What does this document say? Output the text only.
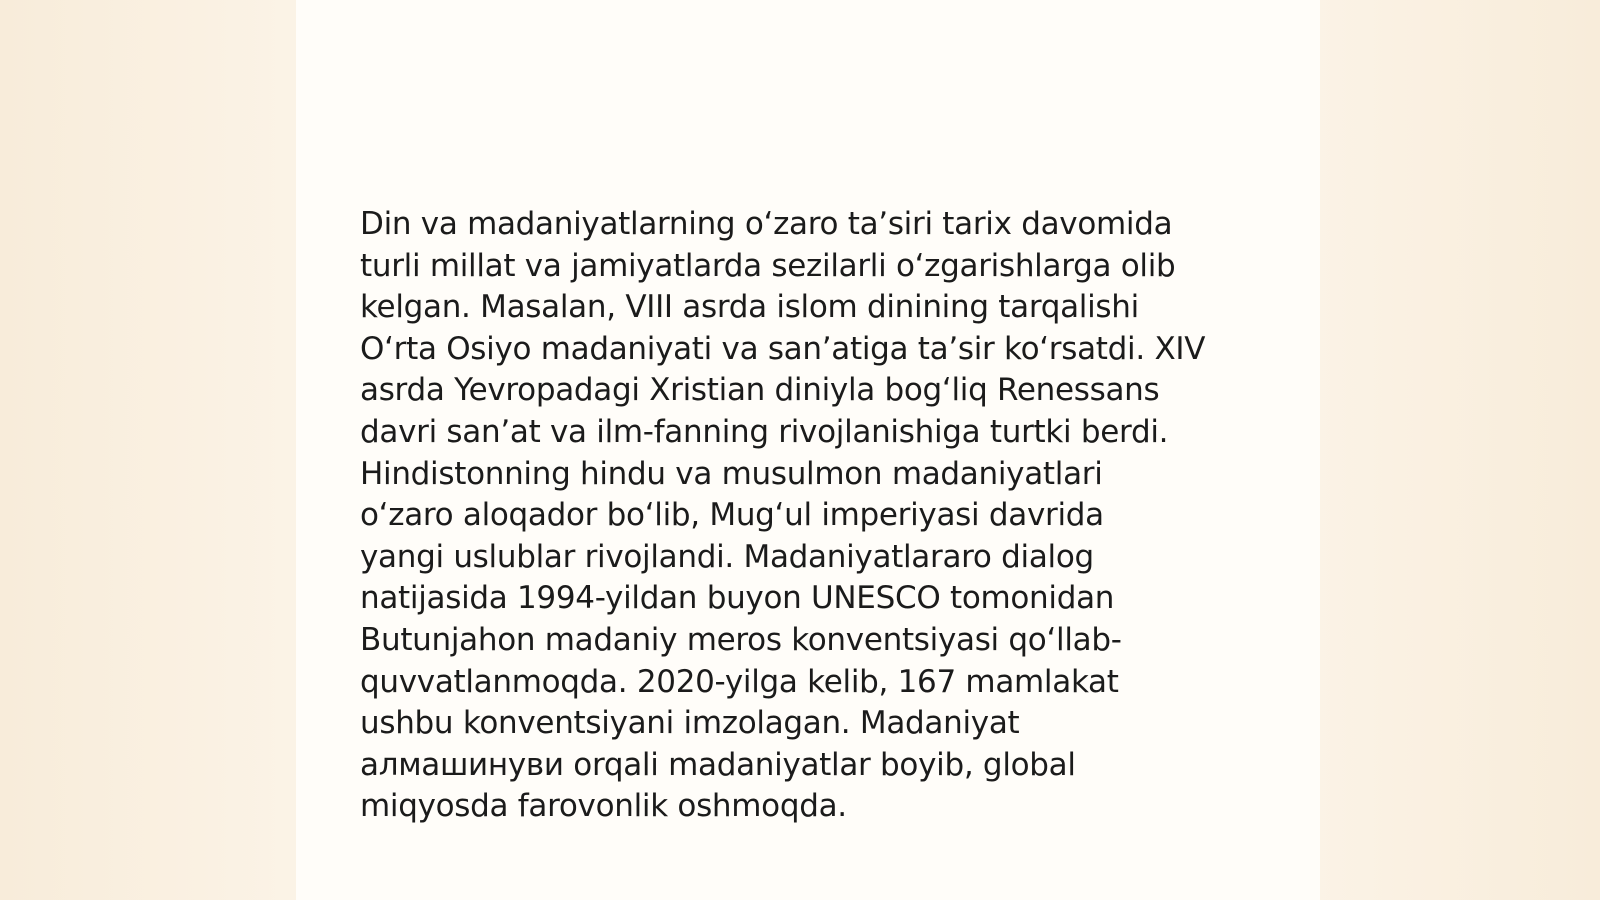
Din va madaniyatlarning oʻzaro taʼsiri tarix davomida
turli millat va jamiyatlarda sezilarli oʻzgarishlarga olib
kelgan. Masalan, VIII asrda islom dinining tarqalishi
Oʻrta Osiyo madaniyati va sanʼatiga taʼsir koʻrsatdi. XIV
asrda Yevropadagi Xristian diniyla bogʻliq Renessans
davri sanʼat va ilm-fanning rivojlanishiga turtki berdi.
Hindistonning hindu va musulmon madaniyatlari
oʻzaro aloqador boʻlib, Mugʻul imperiyasi davrida
yangi uslublar rivojlandi. Madaniyatlararo dialog
natijasida 1994-yildan buyon UNESCO tomonidan
Butunjahon madaniy meros konventsiyasi qoʻllab-
quvvatlanmoqda. 2020-yilga kelib, 167 mamlakat
ushbu konventsiyani imzolagan. Madaniyat
алмашинуви orqali madaniyatlar boyib, global
miqyosda farovonlik oshmoqda.
